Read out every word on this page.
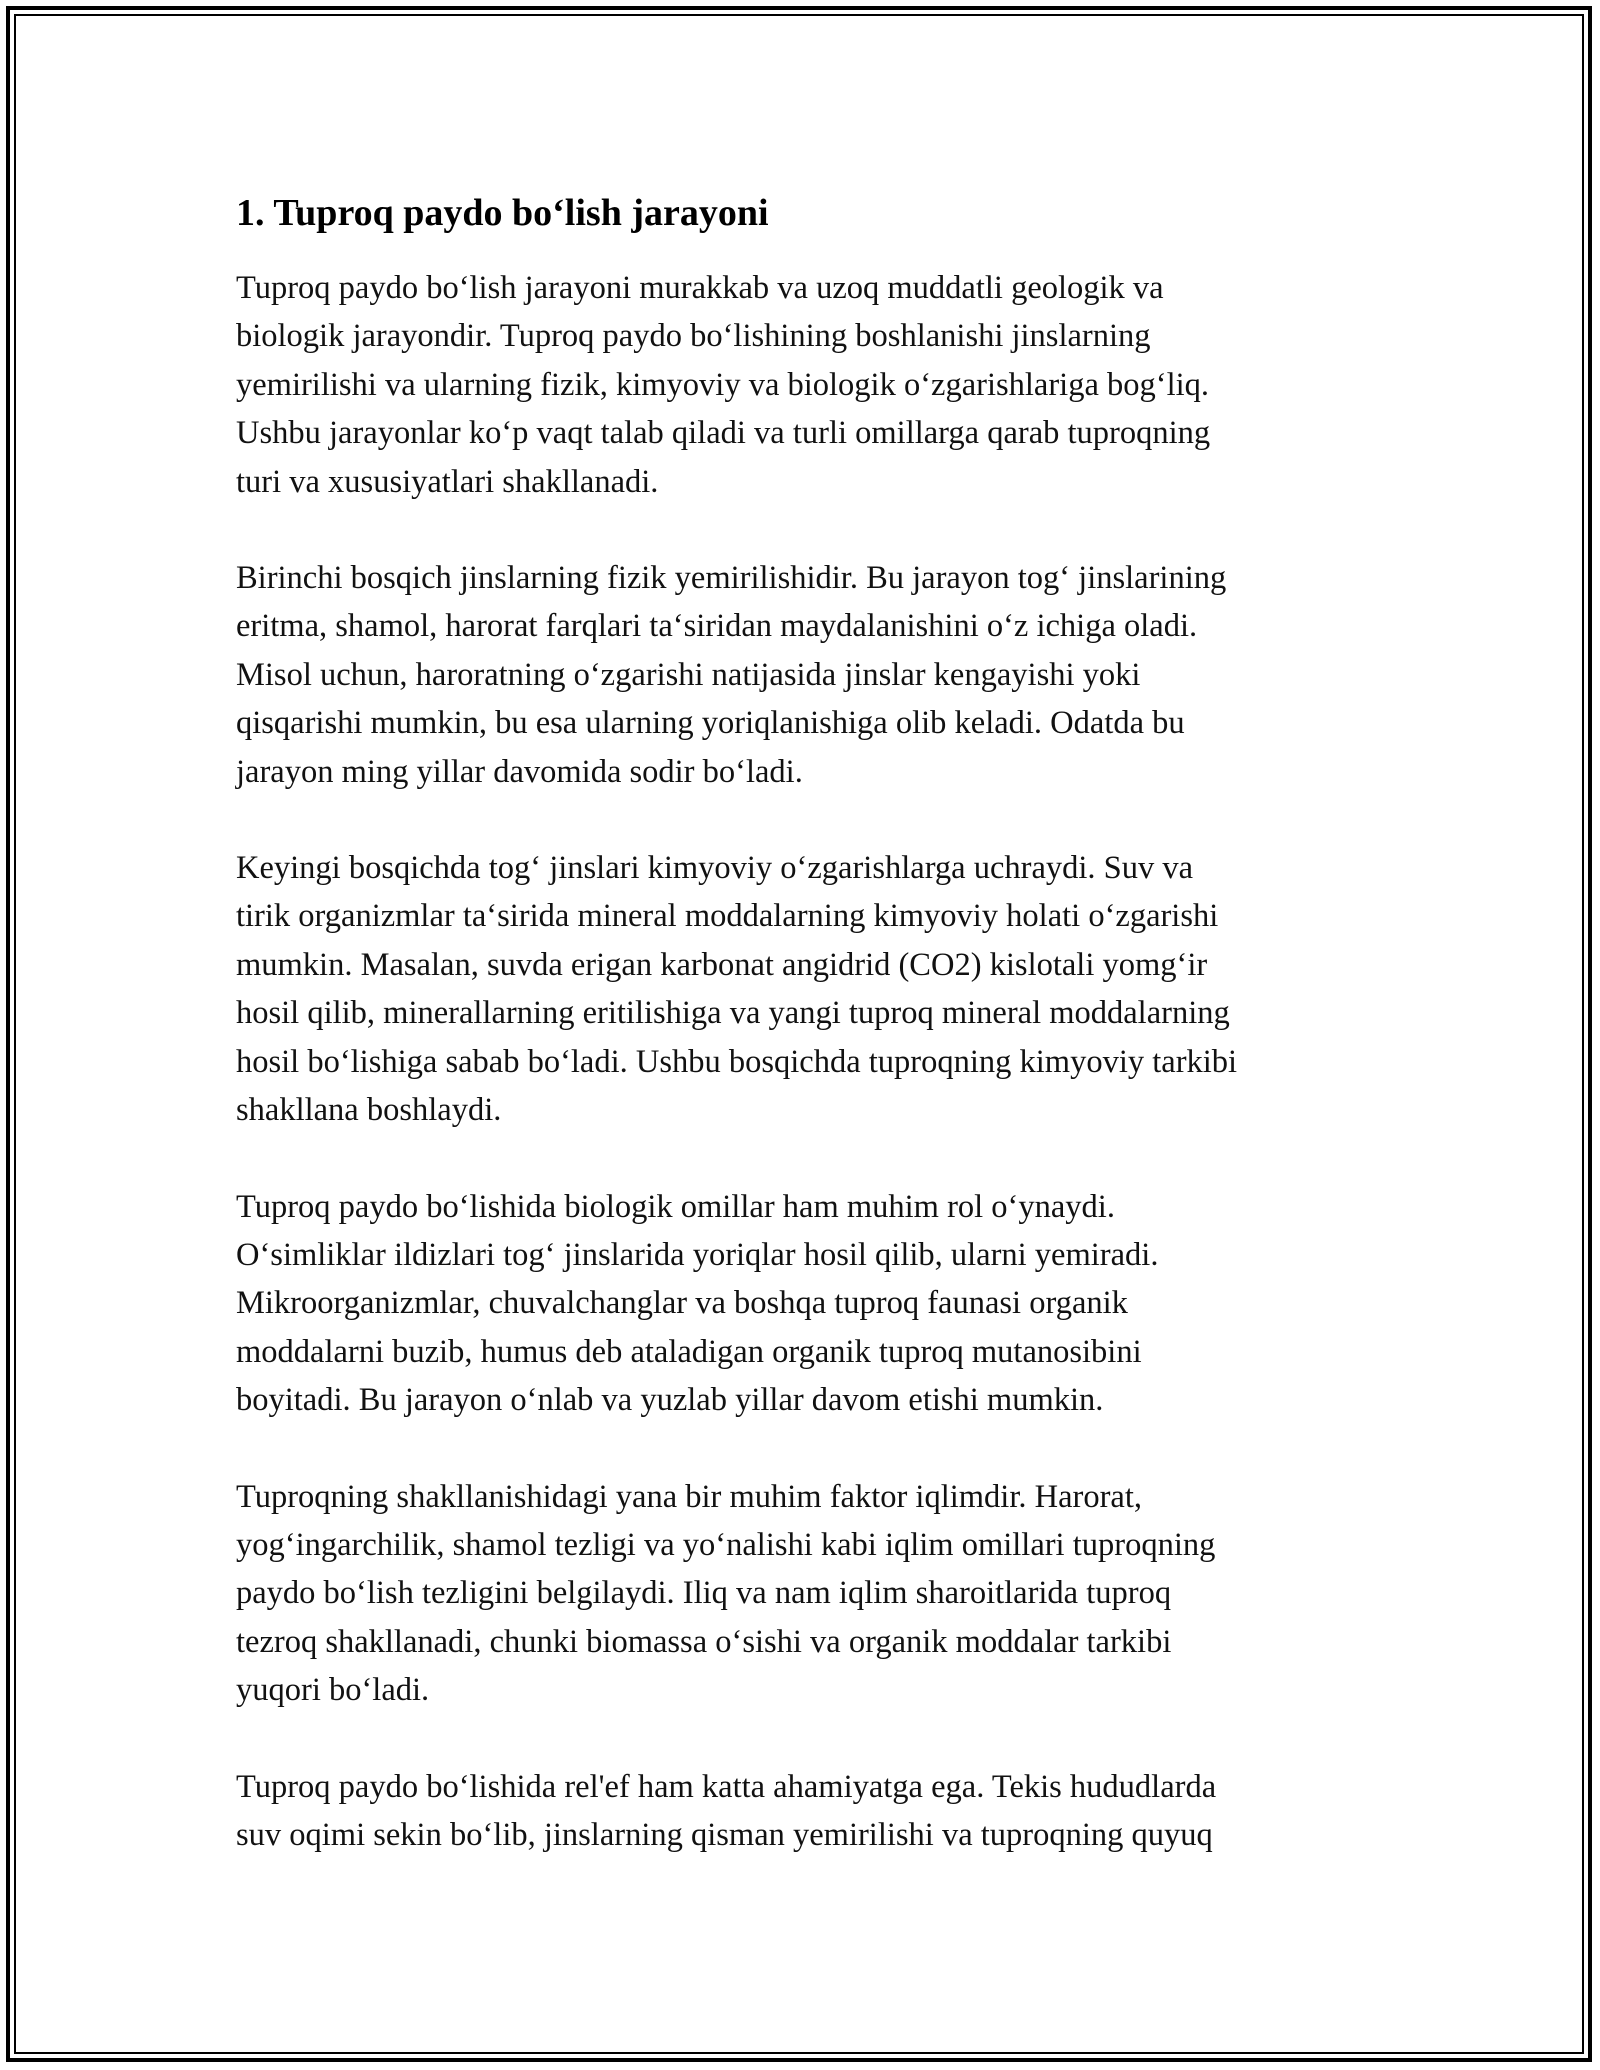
1. Tuproq paydo bo‘lish jarayoni

Tuproq paydo bo‘lish jarayoni murakkab va uzoq muddatli geologik va
biologik jarayondir. Tuproq paydo bo‘lishining boshlanishi jinslarning
yemirilishi va ularning fizik, kimyoviy va biologik o‘zgarishlariga bog‘liq.
Ushbu jarayonlar ko‘p vaqt talab qiladi va turli omillarga qarab tuproqning
turi va xususiyatlari shakllanadi.

Birinchi bosqich jinslarning fizik yemirilishidir. Bu jarayon tog‘ jinslarining
eritma, shamol, harorat farqlari ta‘siridan maydalanishini o‘z ichiga oladi.
Misol uchun, haroratning o‘zgarishi natijasida jinslar kengayishi yoki
qisqarishi mumkin, bu esa ularning yoriqlanishiga olib keladi. Odatda bu
jarayon ming yillar davomida sodir bo‘ladi.

Keyingi bosqichda tog‘ jinslari kimyoviy o‘zgarishlarga uchraydi. Suv va
tirik organizmlar ta‘sirida mineral moddalarning kimyoviy holati o‘zgarishi
mumkin. Masalan, suvda erigan karbonat angidrid (CO2) kislotali yomg‘ir
hosil qilib, minerallarning eritilishiga va yangi tuproq mineral moddalarning
hosil bo‘lishiga sabab bo‘ladi. Ushbu bosqichda tuproqning kimyoviy tarkibi
shakllana boshlaydi.

Tuproq paydo bo‘lishida biologik omillar ham muhim rol o‘ynaydi.
O‘simliklar ildizlari tog‘ jinslarida yoriqlar hosil qilib, ularni yemiradi.
Mikroorganizmlar, chuvalchanglar va boshqa tuproq faunasi organik
moddalarni buzib, humus deb ataladigan organik tuproq mutanosibini
boyitadi. Bu jarayon o‘nlab va yuzlab yillar davom etishi mumkin.

Tuproqning shakllanishidagi yana bir muhim faktor iqlimdir. Harorat,
yog‘ingarchilik, shamol tezligi va yo‘nalishi kabi iqlim omillari tuproqning
paydo bo‘lish tezligini belgilaydi. Iliq va nam iqlim sharoitlarida tuproq
tezroq shakllanadi, chunki biomassa o‘sishi va organik moddalar tarkibi
yuqori bo‘ladi.

Tuproq paydo bo‘lishida rel'ef ham katta ahamiyatga ega. Tekis hududlarda
suv oqimi sekin bo‘lib, jinslarning qisman yemirilishi va tuproqning quyuq
